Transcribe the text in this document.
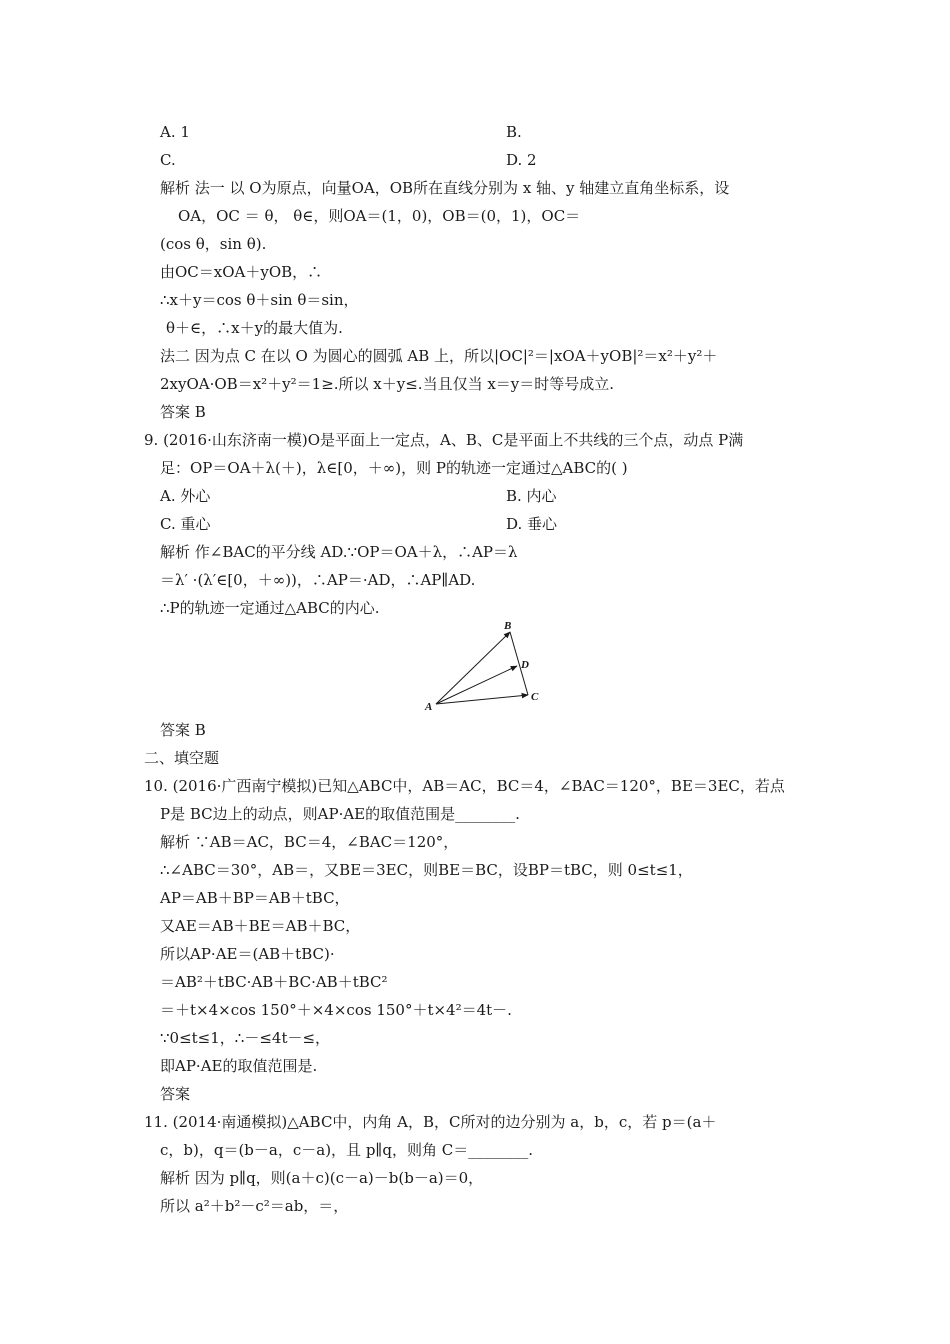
A. 1	B.
C.	D. 2
解析 法一 以 O为原点，向量OA，OB所在直线分别为 x 轴、y 轴建立直角坐标系，设
OA，OC ＝ θ， θ∈，则OA＝(1，0)，OB＝(0，1)，OC＝
(cos θ，sin θ).
由OC＝xOA＋yOB，∴
∴x＋y＝cos θ＋sin θ＝sin，
θ＋∈，∴x＋y的最大值为.
法二 因为点 C 在以 O 为圆心的圆弧 AB 上，所以|OC|²＝|xOA＋yOB|²＝x²＋y²＋
2xyOA·OB＝x²＋y²＝1≥.所以 x＋y≤.当且仅当 x＝y＝时等号成立.
答案 B
9. (2016·山东济南一模)O是平面上一定点，A、B、C是平面上不共线的三个点，动点 P满
足：OP＝OA＋λ(＋)，λ∈[0，＋∞)，则 P的轨迹一定通过△ABC的( )
A. 外心	B. 内心
C. 重心	D. 垂心
解析 作∠BAC的平分线 AD.∵OP＝OA＋λ，∴AP＝λ
＝λ′ ·(λ′∈[0，＋∞))，∴AP＝·AD，∴AP∥AD.
∴P的轨迹一定通过△ABC的内心.
答案 B
二、填空题
10. (2016·广西南宁模拟)已知△ABC中，AB＝AC，BC＝4，∠BAC＝120°，BE＝3EC，若点
P是 BC边上的动点，则AP·AE的取值范围是________.
解析 ∵AB＝AC，BC＝4，∠BAC＝120°，
∴∠ABC＝30°，AB＝，又BE＝3EC，则BE＝BC，设BP＝tBC，则 0≤t≤1，
AP＝AB＋BP＝AB＋tBC，
又AE＝AB＋BE＝AB＋BC，
所以AP·AE＝(AB＋tBC)·
＝AB²＋tBC·AB＋BC·AB＋tBC²
＝＋t×4×cos 150°＋×4×cos 150°＋t×4²＝4t－.
∵0≤t≤1，∴－≤4t－≤，
即AP·AE的取值范围是.
答案
11. (2014·南通模拟)△ABC中，内角 A，B，C所对的边分别为 a，b，c，若 p＝(a＋
c，b)，q＝(b－a，c－a)，且 p∥q，则角 C＝________.
解析 因为 p∥q，则(a＋c)(c－a)－b(b－a)＝0，
所以 a²＋b²－c²＝ab，＝，
A
B
D
C
